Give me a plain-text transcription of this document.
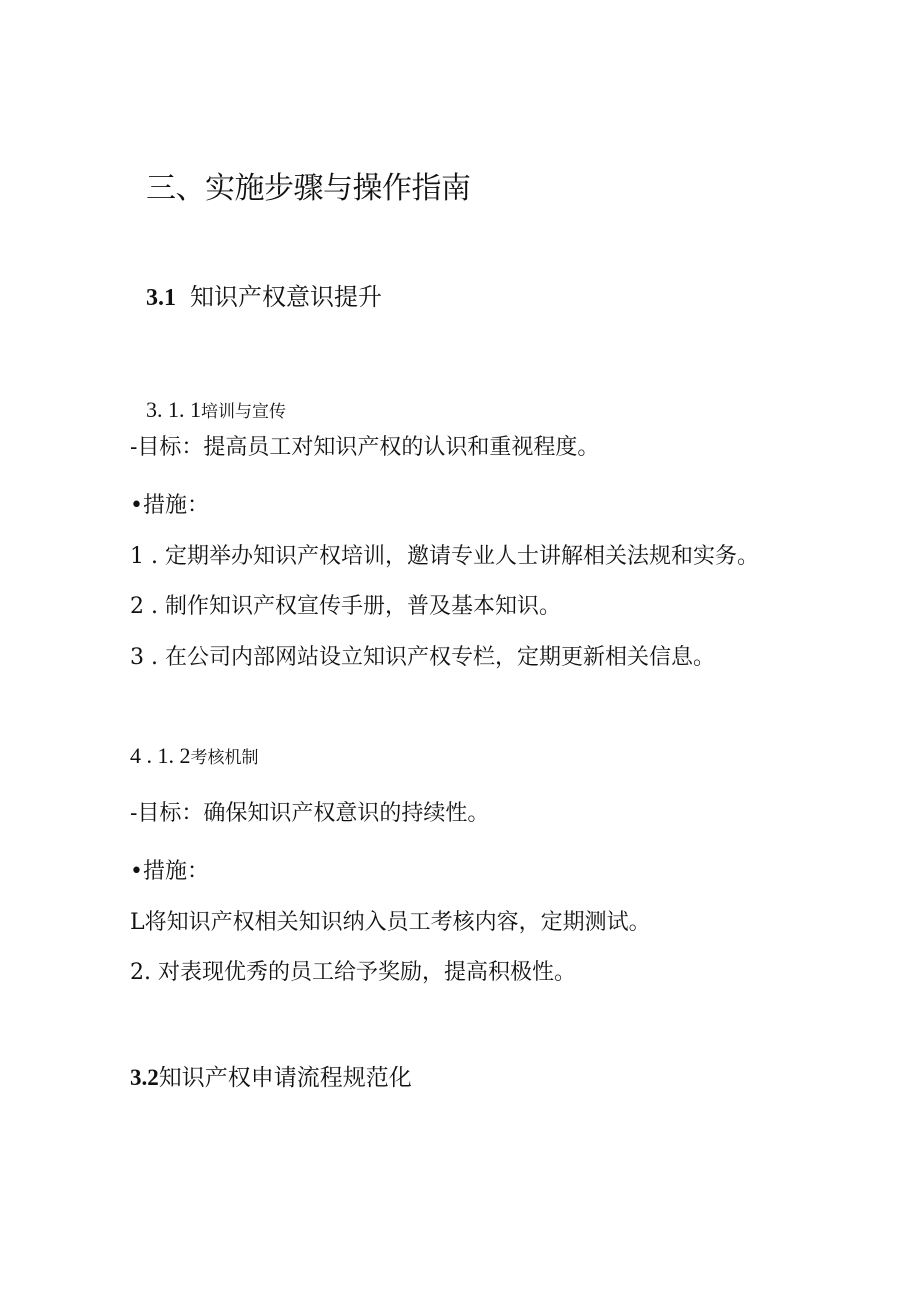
三、实施步骤与操作指南
3.1 知识产权意识提升
3. 1. 1培训与宣传
-目标：提高员工对知识产权的认识和重视程度。
•措施：
1 . 定期举办知识产权培训，邀请专业人士讲解相关法规和实务。
2 . 制作知识产权宣传手册，普及基本知识。
3 . 在公司内部网站设立知识产权专栏，定期更新相关信息。
4 . 1. 2考核机制
-目标：确保知识产权意识的持续性。
•措施：
L将知识产权相关知识纳入员工考核内容，定期测试。
2. 对表现优秀的员工给予奖励，提高积极性。
3.2知识产权申请流程规范化
